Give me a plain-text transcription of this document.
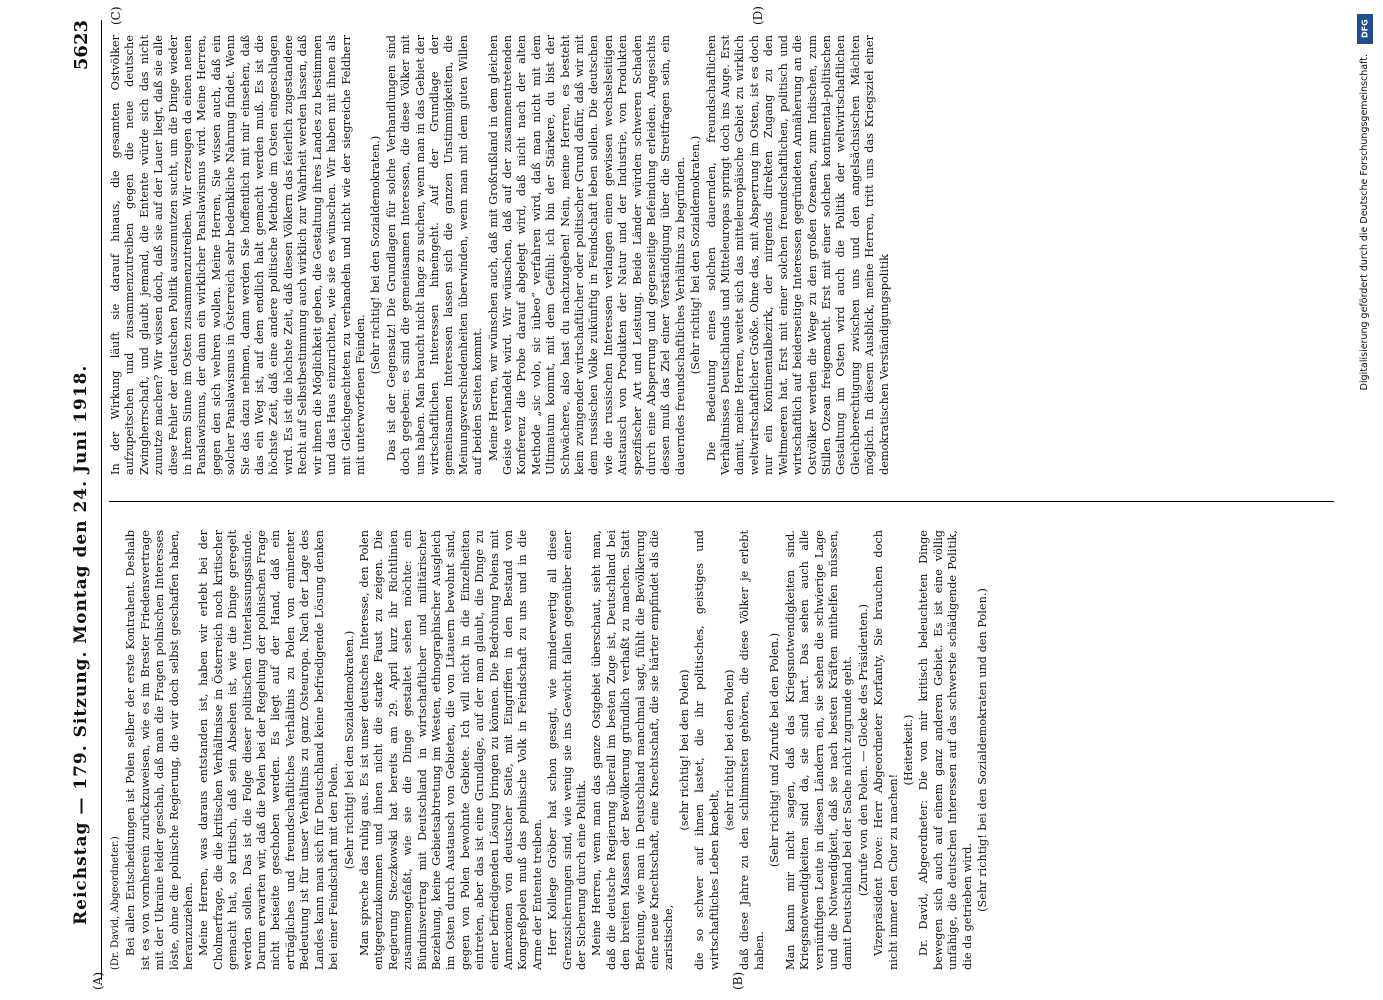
Reichstag — 179. Sitzung. Montag den 24. Juni 1918.
5623
(A)	(B)
(C)	(D)

(Dr. David, Abgeordneter.) Bei allen Entscheidungen ist Polen selber der erste Kontrahent. Deshalb ist es von vornherein zurückzuweisen, wie es im Brester Friedensvertrage mit der Ukraine leider geschah, daß man die Fragen polnischen Interesses löste, ohne die polnische Regierung, die wir doch selbst geschaffen haben, heranzuziehen. Meine Herren, was daraus entstanden ist, haben wir erlebt bei der Cholmerfrage, die die kritischen Verhältnisse in Österreich noch kritischer gemacht hat, so kritisch, daß sein Absehen ist, wie die Dinge geregelt werden sollen. Das ist die Folge dieser politischen Unterlassungssünde. Darum erwarten wir, daß die Polen bei der Regelung der polnischen Frage nicht beiseite geschoben werden. Es liegt auf der Hand, daß ein erträgliches und freundschaftliches Verhältnis zu Polen von eminenter Bedeutung ist für unser Verhältnis zu ganz Osteuropa. Nach der Lage des Landes kann man sich für Deutschland keine befriedigende Lösung denken bei einer Feindschaft mit den Polen. (Sehr richtig! bei den Sozialdemokraten.) Man spreche das ruhig aus. Es ist unser deutsches Interesse, den Polen entgegenzukommen und ihnen nicht die starke Faust zu zeigen. Die Regierung Steczkowski hat bereits am 29. April kurz ihr Richtlinien zusammengefaßt, wie sie die Dinge gestaltet sehen möchte: ein Bündnisvertrag mit Deutschland in wirtschaftlicher und militärischer Beziehung, keine Gebietsabtretung im Westen, ethnographischer Ausgleich im Osten durch Austausch von Gebieten, die von Litauern bewohnt sind, gegen von Polen bewohnte Gebiete. Ich will nicht in die Einzelheiten eintreten, aber das ist eine Grundlage, auf der man glaubt, die Dinge zu einer befriedigenden Lösung bringen zu können. Die Bedrohung Polens mit Annexionen von deutscher Seite, mit Eingriffen in den Bestand von Kongreßpolen muß das polnische Volk in Feindschaft zu uns und in die Arme der Entente treiben. Herr Kollege Gröber hat schon gesagt, wie minderwertig all diese Grenzsicherungen sind, wie wenig sie ins Gewicht fallen gegenüber einer der Sicherung durch eine Politik. Meine Herren, wenn man das ganze Ostgebiet überschaut, sieht man, daß die deutsche Regierung überall im besten Zuge ist, Deutschland bei den breiten Massen der Bevölkerung gründlich verhaßt zu machen. Statt Befreiung, wie man in Deutschland manchmal sagt, fühlt die Bevölkerung eine neue Knechtschaft, eine Knechtschaft, die sie härter empfindet als die zaristische,

(sehr richtig! bei den Polen) die so schwer auf ihnen lastet, die ihr politisches, geistiges und wirtschaftliches Leben knebelt,

(sehr richtig! bei den Polen) daß diese Jahre zu den schlimmsten gehören, die diese Völker je erlebt haben.

(Sehr richtig! und Zurufe bei den Polen.) Man kann mir nicht sagen, daß das Kriegsnotwendigkeiten sind. Kriegsnotwendigkeiten sind da, sie sind hart. Das sehen auch alle vernünftigen Leute in diesen Ländern ein, sie sehen die schwierige Lage und die Notwendigkeit, daß sie nach besten Kräften mithelfen müssen, damit Deutschland bei der Sache nicht zugrunde geht. (Zurufe von den Polen. — Glocke des Präsidenten.) Vizepräsident Dove: Herr Abgeordneter Korfanty, Sie brauchen doch nicht immer den Chor zu machen!

(Heiterkeit.) Dr. David, Abgeordneter: Die von mir kritisch beleuchteten Dinge bewegen sich auch auf einem ganz anderen Gebiet. Es ist eine völlig unfähige, die deutschen Interessen auf das schwerste schädigende Politik, die da getrieben wird. (Sehr richtig! bei den Sozialdemokraten und den Polen.)

In der Wirkung läuft sie darauf hinaus, die gesamten Ostvölker aufzupeitschen und zusammenzutreiben gegen die neue deutsche Zwingherrschaft, und glaubt jemand, die Entente würde sich das nicht zunutze machen? Wir wissen doch, daß sie auf der Lauer liegt, daß sie alle diese Fehler der deutschen Politik auszunutzen sucht, um die Dinge wieder in ihrem Sinne im Osten zusammenzutreiben. Wir erzeugen da einen neuen Panslawismus, der dann ein wirklicher Panslawismus wird. Meine Herren, gegen den sich wehren wollen. Meine Herren, Sie wissen auch, daß ein solcher Panslawismus in Österreich sehr bedenkliche Nahrung findet. Wenn Sie das dazu nehmen, dann werden Sie hoffentlich mit mir einsehen, daß das ein Weg ist, auf dem endlich halt gemacht werden muß. Es ist die höchste Zeit, daß eine andere politische Methode im Osten eingeschlagen wird. Es ist die höchste Zeit, daß diesen Völkern das feierlich zugestandene Recht auf Selbstbestimmung auch wirklich zur Wahrheit werden lassen, daß wir ihnen die Möglichkeit geben, die Gestaltung ihres Landes zu bestimmen und das Haus einzurichten, wie sie es wünschen. Wir haben mit ihnen als mit Gleichgeachteten zu verhandeln und nicht wie der siegreiche Feldherr mit unterworfenen Feinden.

(Sehr richtig! bei den Sozialdemokraten.) Das ist der Gegensatz! Die Grundlagen für solche Verhandlungen sind doch gegeben: es sind die gemeinsamen Interessen, die diese Völker mit uns haben. Man braucht nicht lange zu suchen, wenn man in das Gebiet der wirtschaftlichen Interessen hineingeht. Auf der Grundlage der gemeinsamen Interessen lassen sich die ganzen Unstimmigkeiten, die Meinungsverschiedenheiten überwinden, wenn man mit dem guten Willen auf beiden Seiten kommt. Meine Herren, wir wünschen auch, daß mit Großrußland in dem gleichen Geiste verhandelt wird. Wir wünschen, daß auf der zusammentretenden Konferenz die Probe darauf abgelegt wird, daß nicht nach der alten Methode „sic volo, sic iubeo“ verfahren wird, daß man nicht mit dem Ultimatum kommt, mit dem Gefühl: ich bin der Stärkere, du bist der Schwächere, also hast du nachzugeben! Nein, meine Herren, es besteht kein zwingender wirtschaftlicher oder politischer Grund dafür, daß wir mit dem russischen Volke zukünftig in Feindschaft leben sollen. Die deutschen wie die russischen Interessen verlangen einen gewissen wechselseitigen Austausch von Produkten der Natur und der Industrie, von Produkten spezifischer Art und Leistung. Beide Länder würden schweren Schaden durch eine Absperrung und gegenseitige Befeindung erleiden. Angesichts dessen muß das Ziel einer Verständigung über die Streitfragen sein, ein dauerndes freundschaftliches Verhältnis zu begründen. (Sehr richtig! bei den Sozialdemokraten.) Die Bedeutung eines solchen dauernden, freundschaftlichen Verhältnisses Deutschlands und Mitteleuropas springt doch ins Auge. Erst damit, meine Herren, weitet sich das mitteleuropäische Gebiet zu wirklich weltwirtschaftlicher Größe. Ohne das, mit Absperrung im Osten, ist es doch nur ein Kontinentalbezirk, der nirgends direkten Zugang zu den Weltmeeren hat. Erst mit einer solchen freundschaftlichen, politisch und wirtschaftlich auf beiderseitige Interessen gegründeten Annäherung an die Ostvölker werden die Wege zu den großen Ozeanen, zum Indischen, zum Stillen Ozean freigemacht. Erst mit einer solchen kontinental-politischen Gestaltung im Osten wird auch die Politik der weltwirtschaftlichen Gleichberechtigung zwischen uns und den angelsächsischen Mächten möglich. In diesem Ausblick, meine Herren, tritt uns das Kriegsziel einer demokratischen Verständigungspolitik

DFG
Digitalisierung gefördert durch die Deutsche Forschungsgemeinschaft.
